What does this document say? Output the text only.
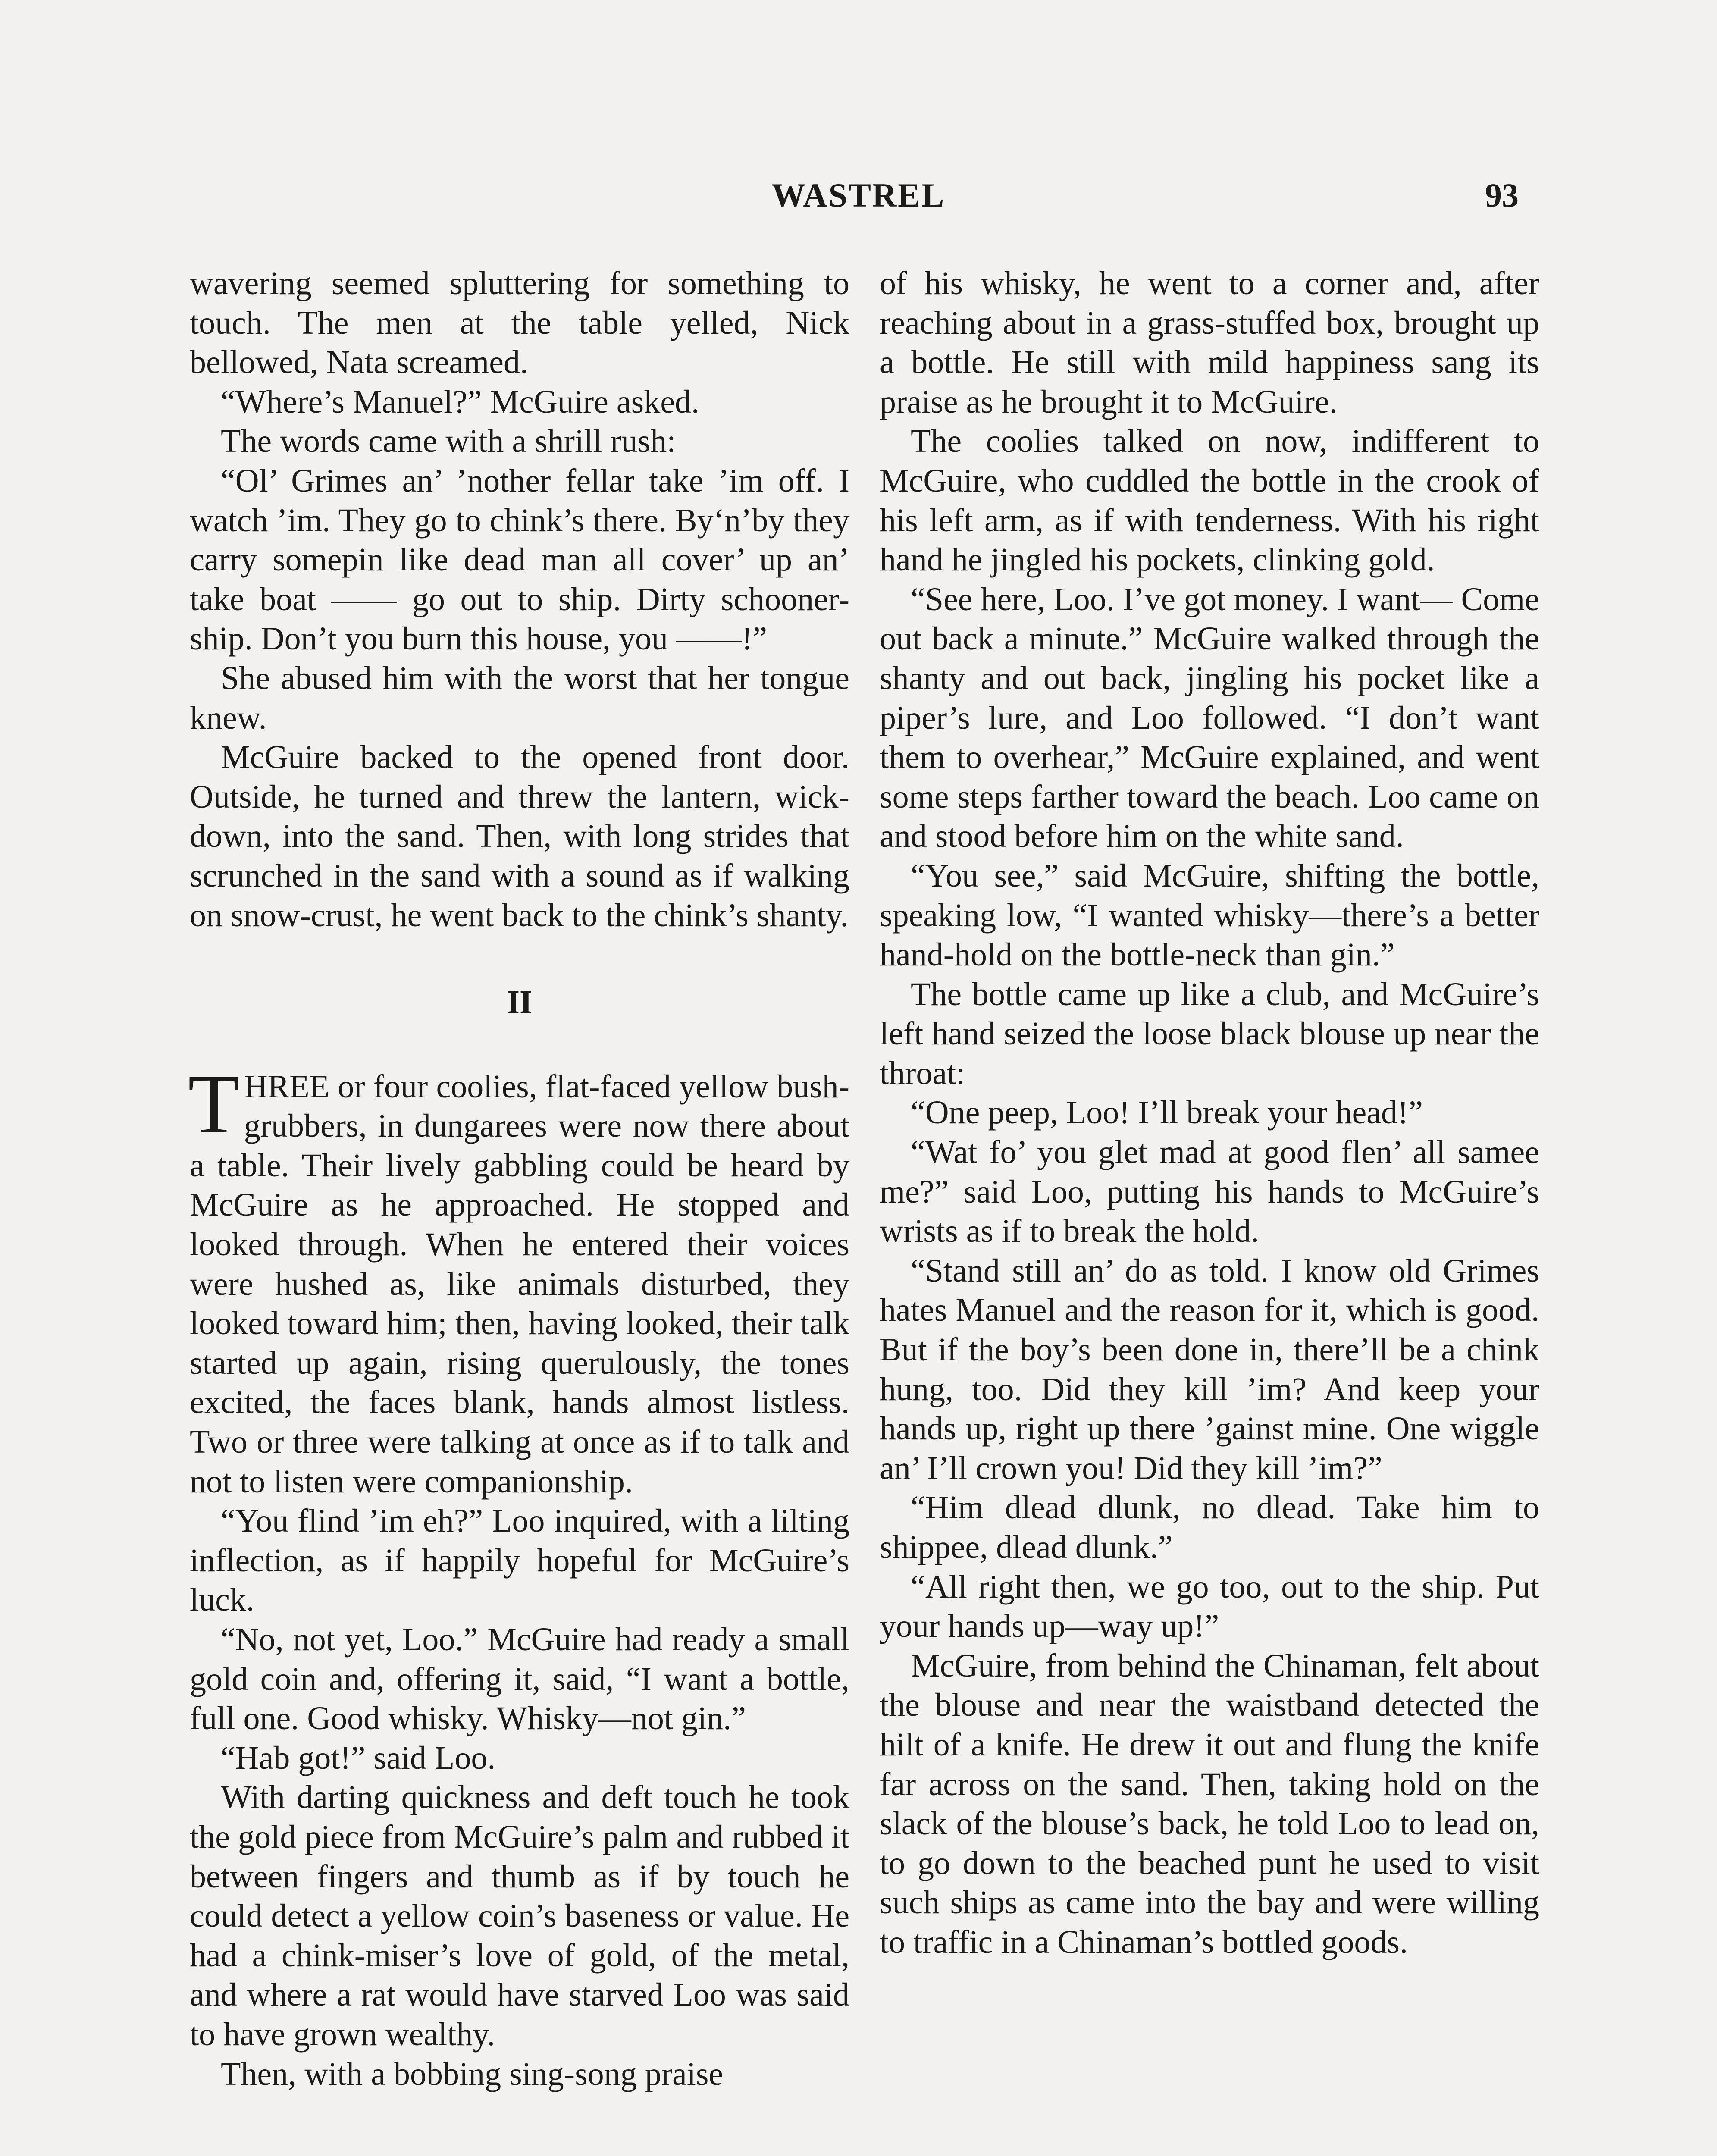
WASTREL	93

wavering seemed spluttering for something to touch. The men at the table yelled, Nick bellowed, Nata screamed.

“Where’s Manuel?” McGuire asked.

The words came with a shrill rush:

“Ol’ Grimes an’ ’nother fellar take ’im off. I watch ’im. They go to chink’s there. By‘n’by they carry somepin like dead man all cover’ up an’ take boat —— go out to ship. Dirty schooner-ship. Don’t you burn this house, you ——!”

She abused him with the worst that her tongue knew.

McGuire backed to the opened front door. Outside, he turned and threw the lantern, wick-down, into the sand. Then, with long strides that scrunched in the sand with a sound as if walking on snow-crust, he went back to the chink’s shanty.

II

THREE or four coolies, flat-faced yellow bush-grubbers, in dungarees were now there about a table. Their lively gabbling could be heard by McGuire as he approached. He stopped and looked through. When he entered their voices were hushed as, like animals disturbed, they looked toward him; then, having looked, their talk started up again, rising querulously, the tones excited, the faces blank, hands almost listless. Two or three were talking at once as if to talk and not to listen were companionship.

“You flind ’im eh?” Loo inquired, with a lilting inflection, as if happily hopeful for McGuire’s luck.

“No, not yet, Loo.” McGuire had ready a small gold coin and, offering it, said, “I want a bottle, full one. Good whisky. Whisky—not gin.”

“Hab got!” said Loo.

With darting quickness and deft touch he took the gold piece from McGuire’s palm and rubbed it between fingers and thumb as if by touch he could detect a yellow coin’s baseness or value. He had a chink-miser’s love of gold, of the metal, and where a rat would have starved Loo was said to have grown wealthy.

Then, with a bobbing sing-song praise

of his whisky, he went to a corner and, after reaching about in a grass-stuffed box, brought up a bottle. He still with mild happiness sang its praise as he brought it to McGuire.

The coolies talked on now, indifferent to McGuire, who cuddled the bottle in the crook of his left arm, as if with tenderness. With his right hand he jingled his pockets, clinking gold.

“See here, Loo. I’ve got money. I want— Come out back a minute.” McGuire walked through the shanty and out back, jingling his pocket like a piper’s lure, and Loo followed. “I don’t want them to overhear,” McGuire explained, and went some steps farther toward the beach. Loo came on and stood before him on the white sand.

“You see,” said McGuire, shifting the bottle, speaking low, “I wanted whisky—there’s a better hand-hold on the bottle-neck than gin.”

The bottle came up like a club, and McGuire’s left hand seized the loose black blouse up near the throat:

“One peep, Loo! I’ll break your head!”

“Wat fo’ you glet mad at good flen’ all samee me?” said Loo, putting his hands to McGuire’s wrists as if to break the hold.

“Stand still an’ do as told. I know old Grimes hates Manuel and the reason for it, which is good. But if the boy’s been done in, there’ll be a chink hung, too. Did they kill ’im? And keep your hands up, right up there ’gainst mine. One wiggle an’ I’ll crown you! Did they kill ’im?”

“Him dlead dlunk, no dlead. Take him to shippee, dlead dlunk.”

“All right then, we go too, out to the ship. Put your hands up—way up!”

McGuire, from behind the Chinaman, felt about the blouse and near the waistband detected the hilt of a knife. He drew it out and flung the knife far across on the sand. Then, taking hold on the slack of the blouse’s back, he told Loo to lead on, to go down to the beached punt he used to visit such ships as came into the bay and were willing to traffic in a Chinaman’s bottled goods.
